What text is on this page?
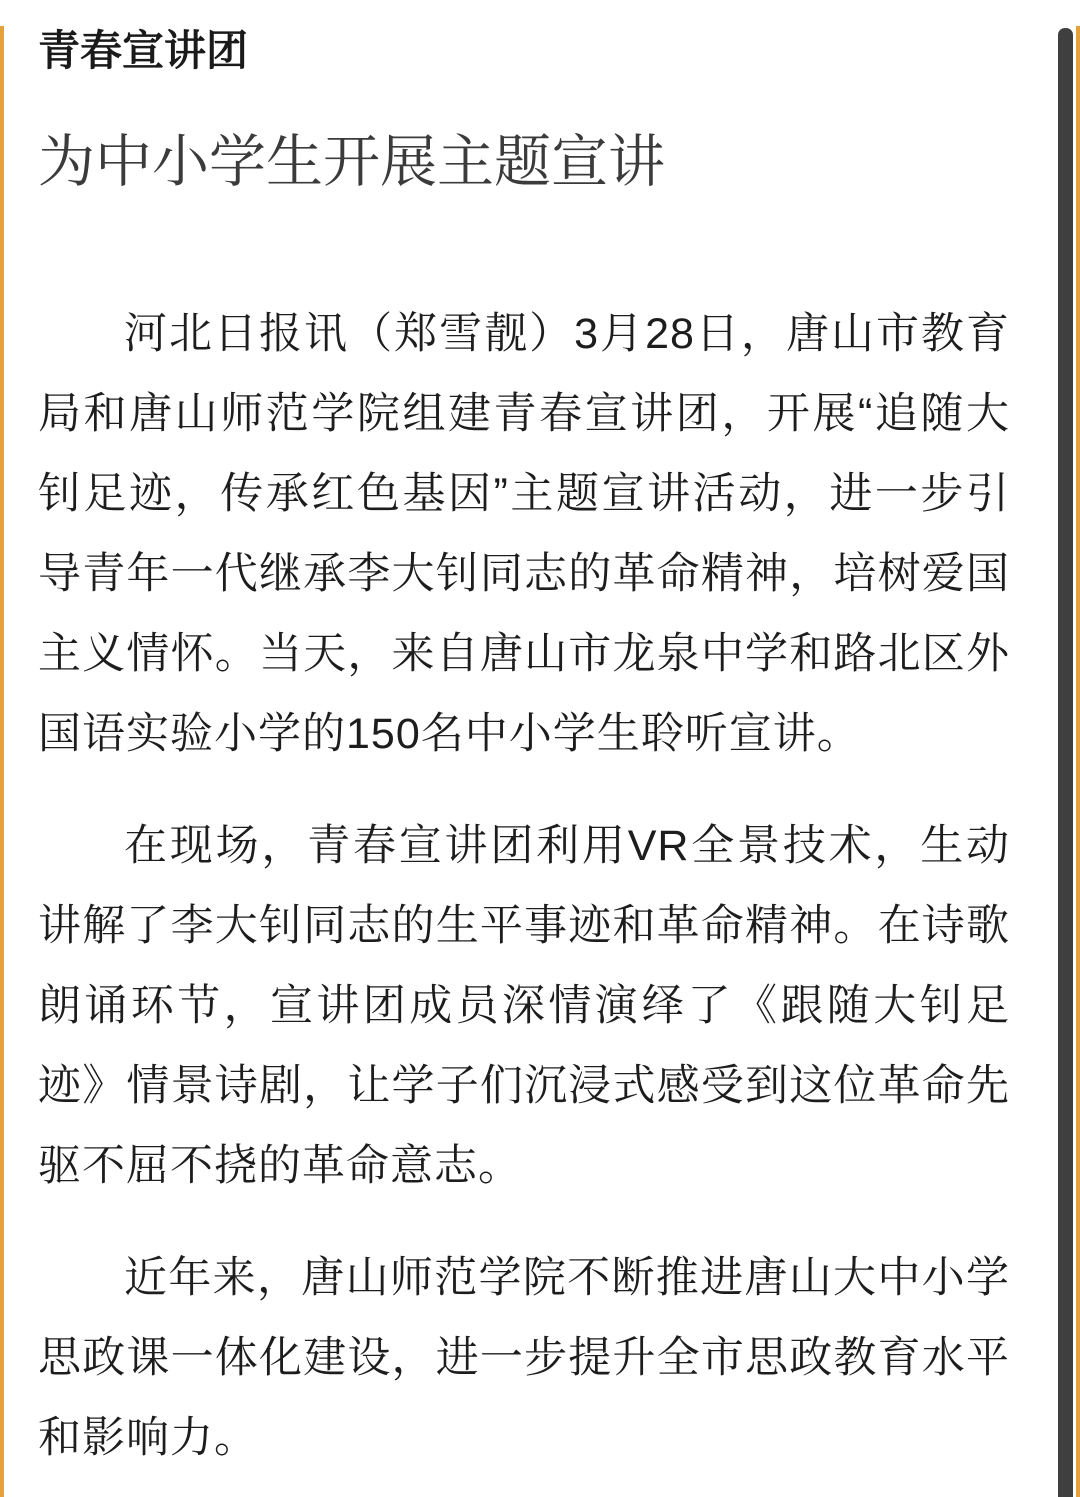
青春宣讲团
为中小学生开展主题宣讲

河北日报讯（郑雪靓）3月28日，唐山市教育局和唐山师范学院组建青春宣讲团，开展“追随大钊足迹，传承红色基因”主题宣讲活动，进一步引导青年一代继承李大钊同志的革命精神，培树爱国主义情怀。当天，来自唐山市龙泉中学和路北区外国语实验小学的150名中小学生聆听宣讲。

在现场，青春宣讲团利用VR全景技术，生动讲解了李大钊同志的生平事迹和革命精神。在诗歌朗诵环节，宣讲团成员深情演绎了《跟随大钊足迹》情景诗剧，让学子们沉浸式感受到这位革命先驱不屈不挠的革命意志。

近年来，唐山师范学院不断推进唐山大中小学思政课一体化建设，进一步提升全市思政教育水平和影响力。
